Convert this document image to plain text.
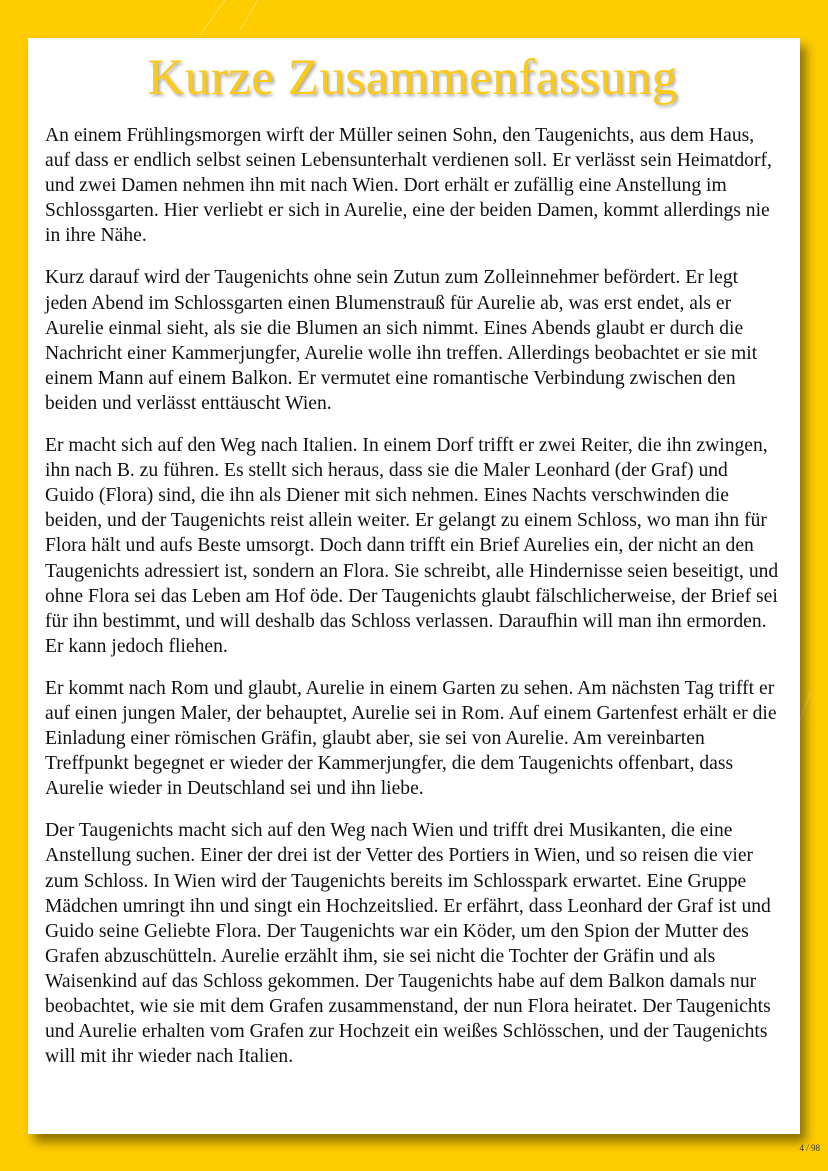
Kurze Zusammenfassung

An einem Frühlingsmorgen wirft der Müller seinen Sohn, den Taugenichts, aus dem Haus, auf dass er endlich selbst seinen Lebensunterhalt verdienen soll. Er verlässt sein Heimatdorf, und zwei Damen nehmen ihn mit nach Wien. Dort erhält er zufällig eine Anstellung im Schlossgarten. Hier verliebt er sich in Aurelie, eine der beiden Damen, kommt allerdings nie in ihre Nähe.

Kurz darauf wird der Taugenichts ohne sein Zutun zum Zolleinnehmer befördert. Er legt jeden Abend im Schlossgarten einen Blumenstrauß für Aurelie ab, was erst endet, als er Aurelie einmal sieht, als sie die Blumen an sich nimmt. Eines Abends glaubt er durch die Nachricht einer Kammerjungfer, Aurelie wolle ihn treffen. Allerdings beobachtet er sie mit einem Mann auf einem Balkon. Er vermutet eine romantische Verbindung zwischen den beiden und verlässt enttäuscht Wien.

Er macht sich auf den Weg nach Italien. In einem Dorf trifft er zwei Reiter, die ihn zwingen, ihn nach B. zu führen. Es stellt sich heraus, dass sie die Maler Leonhard (der Graf) und Guido (Flora) sind, die ihn als Diener mit sich nehmen. Eines Nachts verschwinden die beiden, und der Taugenichts reist allein weiter. Er gelangt zu einem Schloss, wo man ihn für Flora hält und aufs Beste umsorgt. Doch dann trifft ein Brief Aurelies ein, der nicht an den Taugenichts adressiert ist, sondern an Flora. Sie schreibt, alle Hindernisse seien beseitigt, und ohne Flora sei das Leben am Hof öde. Der Taugenichts glaubt fälschlicherweise, der Brief sei für ihn bestimmt, und will deshalb das Schloss verlassen. Daraufhin will man ihn ermorden. Er kann jedoch fliehen.

Er kommt nach Rom und glaubt, Aurelie in einem Garten zu sehen. Am nächsten Tag trifft er auf einen jungen Maler, der behauptet, Aurelie sei in Rom. Auf einem Gartenfest erhält er die Einladung einer römischen Gräfin, glaubt aber, sie sei von Aurelie. Am vereinbarten Treffpunkt begegnet er wieder der Kammerjungfer, die dem Taugenichts offenbart, dass Aurelie wieder in Deutschland sei und ihn liebe.

Der Taugenichts macht sich auf den Weg nach Wien und trifft drei Musikanten, die eine Anstellung suchen. Einer der drei ist der Vetter des Portiers in Wien, und so reisen die vier zum Schloss. In Wien wird der Taugenichts bereits im Schlosspark erwartet. Eine Gruppe Mädchen umringt ihn und singt ein Hochzeitslied. Er erfährt, dass Leonhard der Graf ist und Guido seine Geliebte Flora. Der Taugenichts war ein Köder, um den Spion der Mutter des Grafen abzuschütteln. Aurelie erzählt ihm, sie sei nicht die Tochter der Gräfin und als Waisenkind auf das Schloss gekommen. Der Taugenichts habe auf dem Balkon damals nur beobachtet, wie sie mit dem Grafen zusammenstand, der nun Flora heiratet. Der Taugenichts und Aurelie erhalten vom Grafen zur Hochzeit ein weißes Schlösschen, und der Taugenichts will mit ihr wieder nach Italien.

4 / 98
